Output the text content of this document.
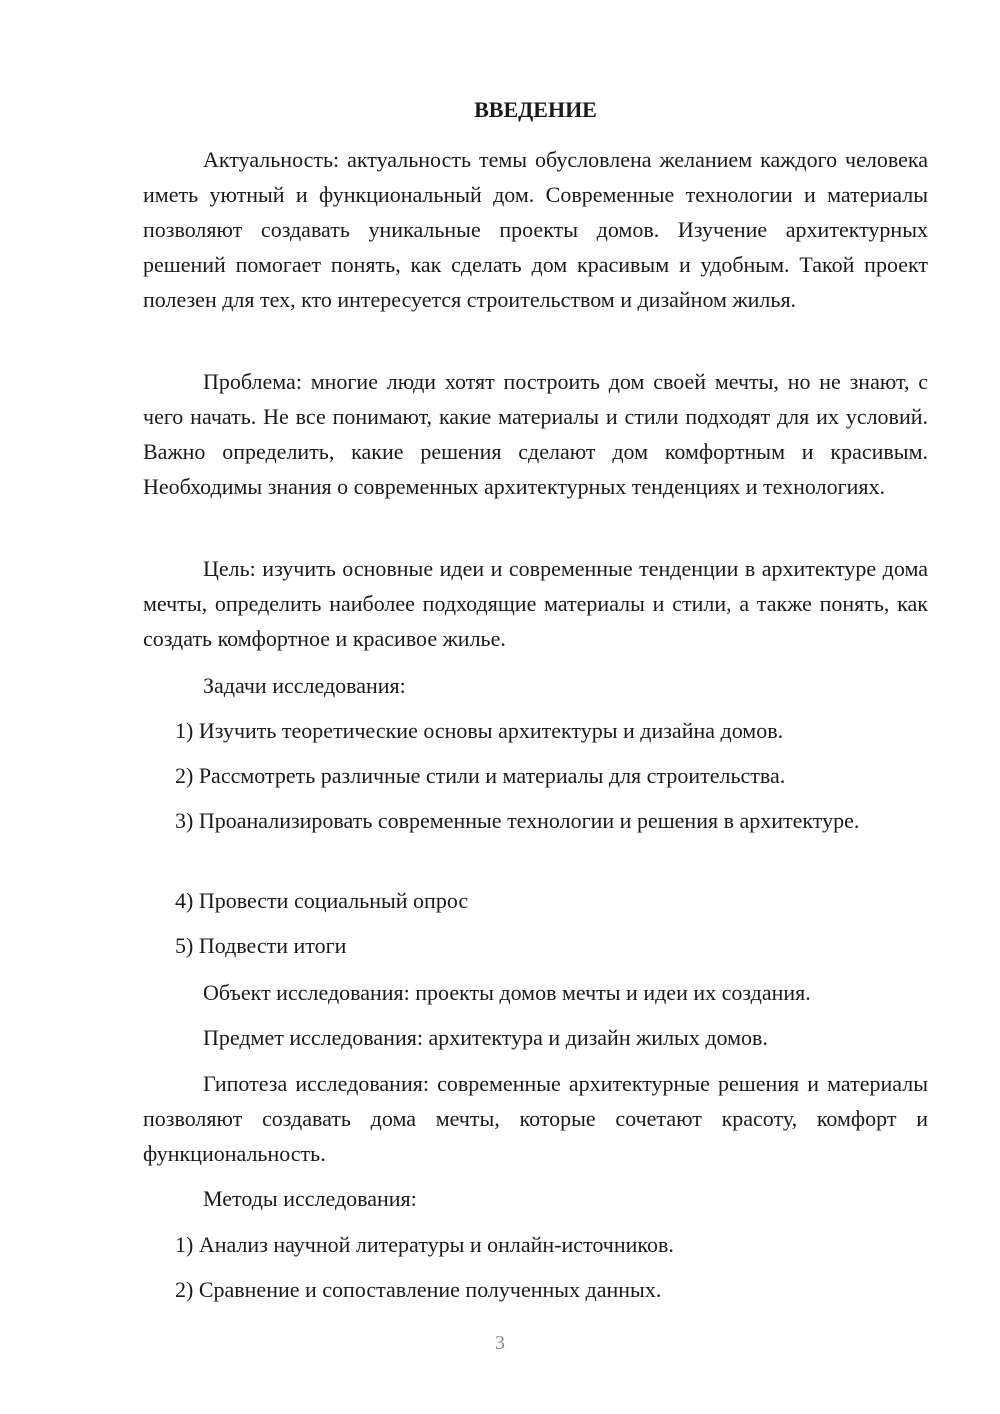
ВВЕДЕНИЕ

Актуальность: актуальность темы обусловлена желанием каждого человека иметь уютный и функциональный дом. Современные технологии и материалы позволяют создавать уникальные проекты домов. Изучение архитектурных решений помогает понять, как сделать дом красивым и удобным. Такой проект полезен для тех, кто интересуется строительством и дизайном жилья.

Проблема: многие люди хотят построить дом своей мечты, но не знают, с чего начать. Не все понимают, какие материалы и стили подходят для их условий. Важно определить, какие решения сделают дом комфортным и красивым. Необходимы знания о современных архитектурных тенденциях и технологиях.

Цель: изучить основные идеи и современные тенденции в архитектуре дома мечты, определить наиболее подходящие материалы и стили, а также понять, как создать комфортное и красивое жилье.

Задачи исследования:

1) Изучить теоретические основы архитектуры и дизайна домов.

2) Рассмотреть различные стили и материалы для строительства.

3) Проанализировать современные технологии и решения в архитектуре.

4) Провести социальный опрос

5) Подвести итоги

Объект исследования: проекты домов мечты и идеи их создания.

Предмет исследования: архитектура и дизайн жилых домов.

Гипотеза исследования: современные архитектурные решения и материалы позволяют создавать дома мечты, которые сочетают красоту, комфорт и функциональность.

Методы исследования:

1) Анализ научной литературы и онлайн-источников.

2) Сравнение и сопоставление полученных данных.

3
